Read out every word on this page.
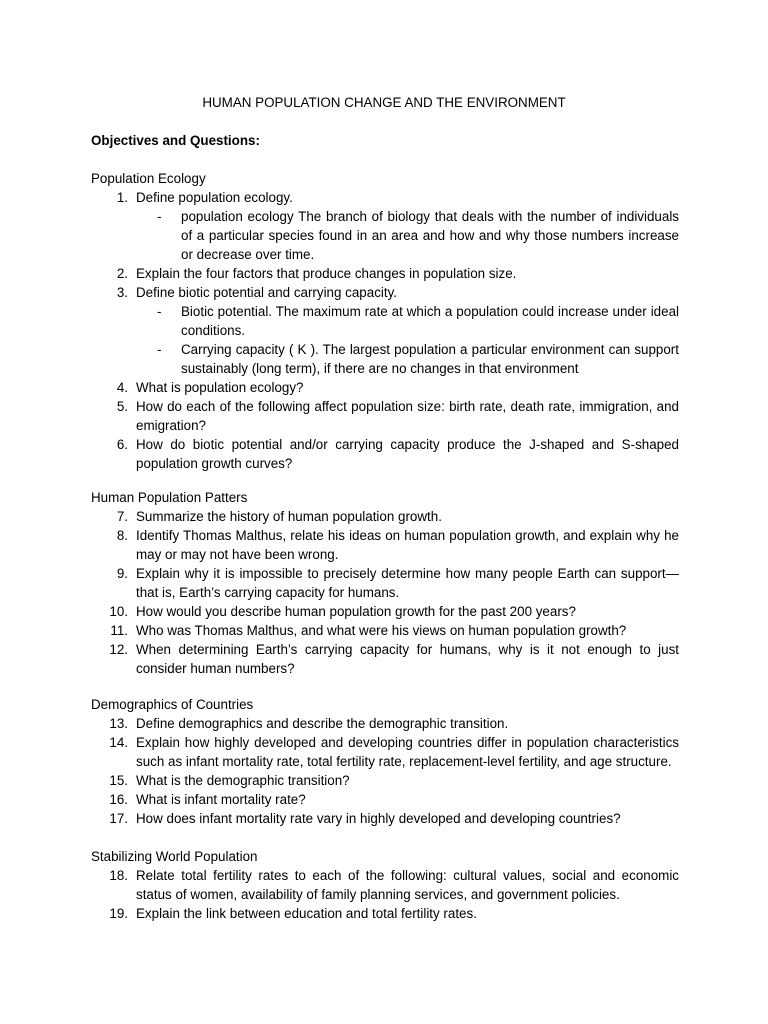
HUMAN POPULATION CHANGE AND THE ENVIRONMENT
Objectives and Questions:
Population Ecology
1. Define population ecology.
- population ecology The branch of biology that deals with the number of individuals of a particular species found in an area and how and why those numbers increase or decrease over time.
2. Explain the four factors that produce changes in population size.
3. Define biotic potential and carrying capacity.
- Biotic potential. The maximum rate at which a population could increase under ideal conditions.
- Carrying capacity ( K ). The largest population a particular environment can support sustainably (long term), if there are no changes in that environment
4. What is population ecology?
5. How do each of the following affect population size: birth rate, death rate, immigration, and emigration?
6. How do biotic potential and/or carrying capacity produce the J-shaped and S-shaped population growth curves?
Human Population Patters
7. Summarize the history of human population growth.
8. Identify Thomas Malthus, relate his ideas on human population growth, and explain why he may or may not have been wrong.
9. Explain why it is impossible to precisely determine how many people Earth can support—that is, Earth’s carrying capacity for humans.
10. How would you describe human population growth for the past 200 years?
11. Who was Thomas Malthus, and what were his views on human population growth?
12. When determining Earth’s carrying capacity for humans, why is it not enough to just consider human numbers?
Demographics of Countries
13. Define demographics and describe the demographic transition.
14. Explain how highly developed and developing countries differ in population characteristics such as infant mortality rate, total fertility rate, replacement-level fertility, and age structure.
15. What is the demographic transition?
16. What is infant mortality rate?
17. How does infant mortality rate vary in highly developed and developing countries?
Stabilizing World Population
18. Relate total fertility rates to each of the following: cultural values, social and economic status of women, availability of family planning services, and government policies.
19. Explain the link between education and total fertility rates.
